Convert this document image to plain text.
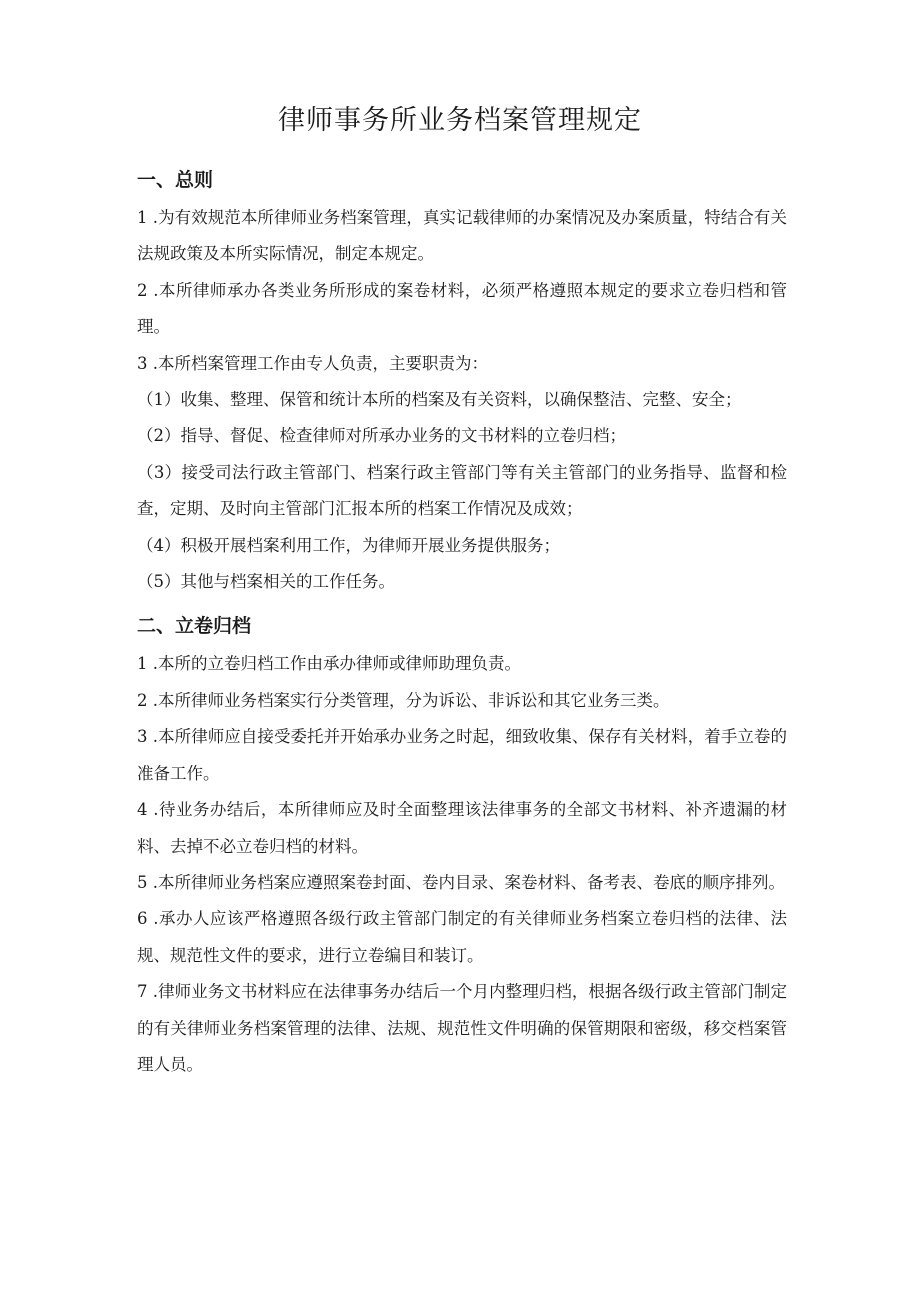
律师事务所业务档案管理规定
一、总则

1 .为有效规范本所律师业务档案管理，真实记载律师的办案情况及办案质量，特结合有关法规政策及本所实际情况，制定本规定。

2 .本所律师承办各类业务所形成的案卷材料，必须严格遵照本规定的要求立卷归档和管理。

3 .本所档案管理工作由专人负责，主要职责为：

（1）收集、整理、保管和统计本所的档案及有关资料，以确保整洁、完整、安全；

（2）指导、督促、检查律师对所承办业务的文书材料的立卷归档；

（3）接受司法行政主管部门、档案行政主管部门等有关主管部门的业务指导、监督和检查，定期、及时向主管部门汇报本所的档案工作情况及成效；

（4）积极开展档案利用工作，为律师开展业务提供服务；

（5）其他与档案相关的工作任务。

二、立卷归档

1 .本所的立卷归档工作由承办律师或律师助理负责。

2 .本所律师业务档案实行分类管理，分为诉讼、非诉讼和其它业务三类。

3 .本所律师应自接受委托并开始承办业务之时起，细致收集、保存有关材料，着手立卷的准备工作。

4 .待业务办结后，本所律师应及时全面整理该法律事务的全部文书材料、补齐遗漏的材料、去掉不必立卷归档的材料。

5 .本所律师业务档案应遵照案卷封面、卷内目录、案卷材料、备考表、卷底的顺序排列。

6 .承办人应该严格遵照各级行政主管部门制定的有关律师业务档案立卷归档的法律、法规、规范性文件的要求，进行立卷编目和装订。

7 .律师业务文书材料应在法律事务办结后一个月内整理归档，根据各级行政主管部门制定的有关律师业务档案管理的法律、法规、规范性文件明确的保管期限和密级，移交档案管理人员。
